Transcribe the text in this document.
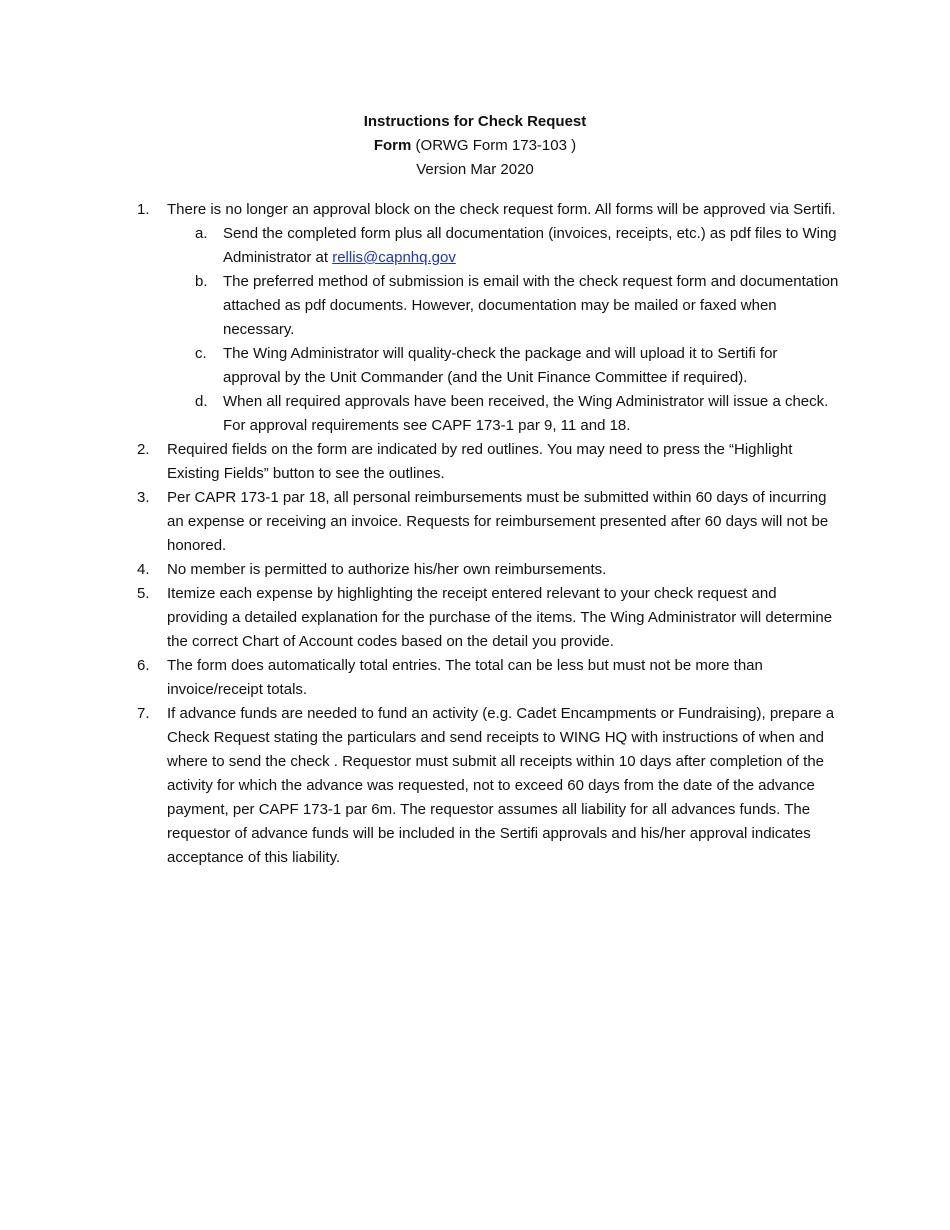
Instructions for Check Request
Form (ORWG Form 173-103 )
Version Mar 2020
1. There is no longer an approval block on the check request form. All forms will be approved via Sertifi.
a. Send the completed form plus all documentation (invoices, receipts, etc.) as pdf files to Wing Administrator at rellis@capnhq.gov
b. The preferred method of submission is email with the check request form and documentation attached as pdf documents. However, documentation may be mailed or faxed when necessary.
c. The Wing Administrator will quality-check the package and will upload it to Sertifi for approval by the Unit Commander (and the Unit Finance Committee if required).
d. When all required approvals have been received, the Wing Administrator will issue a check. For approval requirements see CAPF 173-1 par 9, 11 and 18.
2. Required fields on the form are indicated by red outlines. You may need to press the “Highlight Existing Fields” button to see the outlines.
3. Per CAPR 173-1 par 18, all personal reimbursements must be submitted within 60 days of incurring an expense or receiving an invoice. Requests for reimbursement presented after 60 days will not be honored.
4. No member is permitted to authorize his/her own reimbursements.
5. Itemize each expense by highlighting the receipt entered relevant to your check request and providing a detailed explanation for the purchase of the items. The Wing Administrator will determine the correct Chart of Account codes based on the detail you provide.
6. The form does automatically total entries. The total can be less but must not be more than invoice/receipt totals.
7. If advance funds are needed to fund an activity (e.g. Cadet Encampments or Fundraising), prepare a Check Request stating the particulars and send receipts to WING HQ with instructions of when and where to send the check . Requestor must submit all receipts within 10 days after completion of the activity for which the advance was requested, not to exceed 60 days from the date of the advance payment, per CAPF 173-1 par 6m. The requestor assumes all liability for all advances funds. The requestor of advance funds will be included in the Sertifi approvals and his/her approval indicates acceptance of this liability.
